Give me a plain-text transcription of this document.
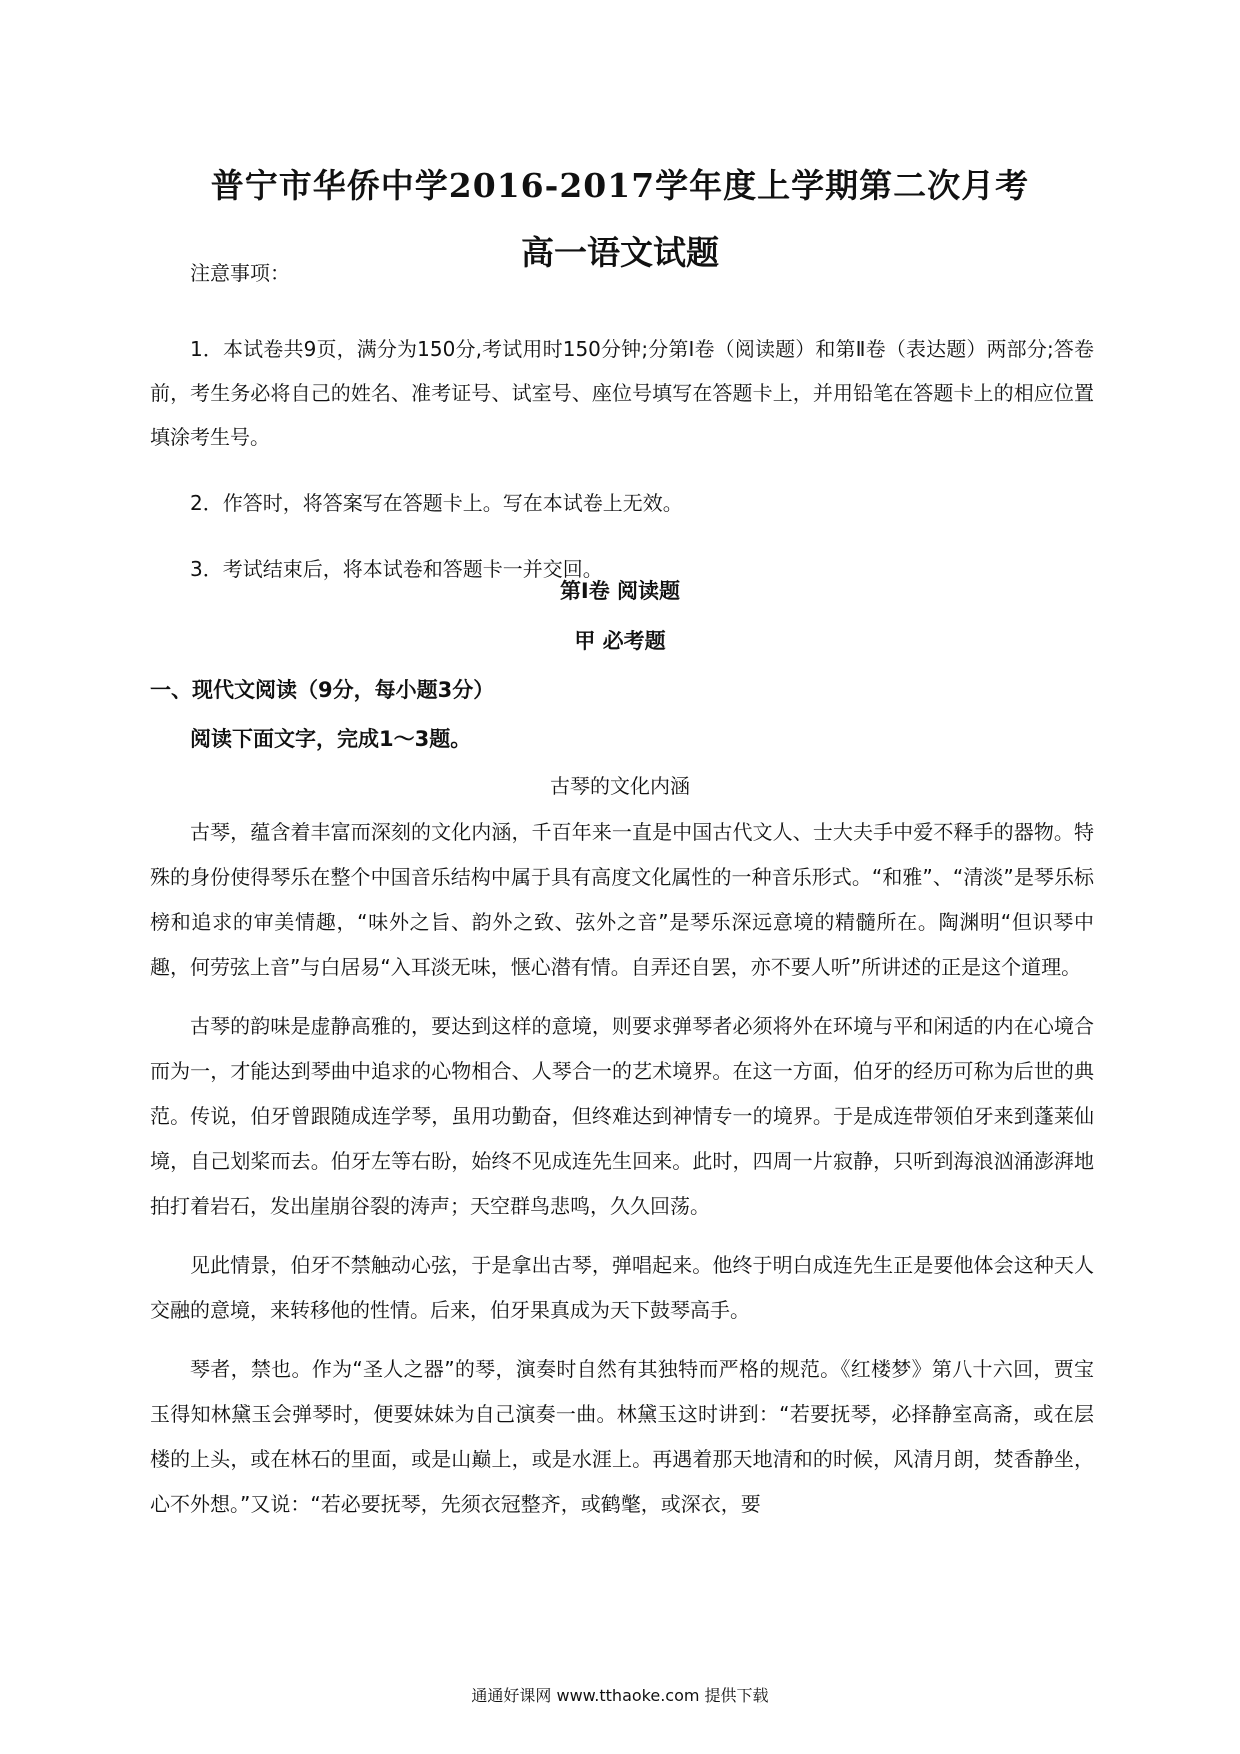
普宁市华侨中学2016-2017学年度上学期第二次月考
高一语文试题
注意事项：

1．本试卷共9页，满分为150分,考试用时150分钟;分第Ⅰ卷（阅读题）和第Ⅱ卷（表达题）两部分;答卷前，考生务必将自己的姓名、准考证号、试室号、座位号填写在答题卡上，并用铅笔在答题卡上的相应位置填涂考生号。

2．作答时，将答案写在答题卡上。写在本试卷上无效。

3．考试结束后，将本试卷和答题卡一并交回。

第Ⅰ卷 阅读题
甲 必考题
一、现代文阅读（9分，每小题3分）
阅读下面文字，完成1～3题。
古琴的文化内涵

古琴，蕴含着丰富而深刻的文化内涵，千百年来一直是中国古代文人、士大夫手中爱不释手的器物。特殊的身份使得琴乐在整个中国音乐结构中属于具有高度文化属性的一种音乐形式。“和雅”、“清淡”是琴乐标榜和追求的审美情趣，“味外之旨、韵外之致、弦外之音”是琴乐深远意境的精髓所在。陶渊明“但识琴中趣，何劳弦上音”与白居易“入耳淡无味，惬心潜有情。自弄还自罢，亦不要人听”所讲述的正是这个道理。

古琴的韵味是虚静高雅的，要达到这样的意境，则要求弹琴者必须将外在环境与平和闲适的内在心境合而为一，才能达到琴曲中追求的心物相合、人琴合一的艺术境界。在这一方面，伯牙的经历可称为后世的典范。传说，伯牙曾跟随成连学琴，虽用功勤奋，但终难达到神情专一的境界。于是成连带领伯牙来到蓬莱仙境，自己划桨而去。伯牙左等右盼，始终不见成连先生回来。此时，四周一片寂静，只听到海浪汹涌澎湃地拍打着岩石，发出崖崩谷裂的涛声；天空群鸟悲鸣，久久回荡。

见此情景，伯牙不禁触动心弦，于是拿出古琴，弹唱起来。他终于明白成连先生正是要他体会这种天人交融的意境，来转移他的性情。后来，伯牙果真成为天下鼓琴高手。

琴者，禁也。作为“圣人之器”的琴，演奏时自然有其独特而严格的规范。《红楼梦》第八十六回，贾宝玉得知林黛玉会弹琴时，便要妹妹为自己演奏一曲。林黛玉这时讲到：“若要抚琴，必择静室高斋，或在层楼的上头，或在林石的里面，或是山巅上，或是水涯上。再遇着那天地清和的时候，风清月朗，焚香静坐，心不外想。”又说：“若必要抚琴，先须衣冠整齐，或鹤氅，或深衣，要

通通好课网 www.tthaoke.com 提供下载
